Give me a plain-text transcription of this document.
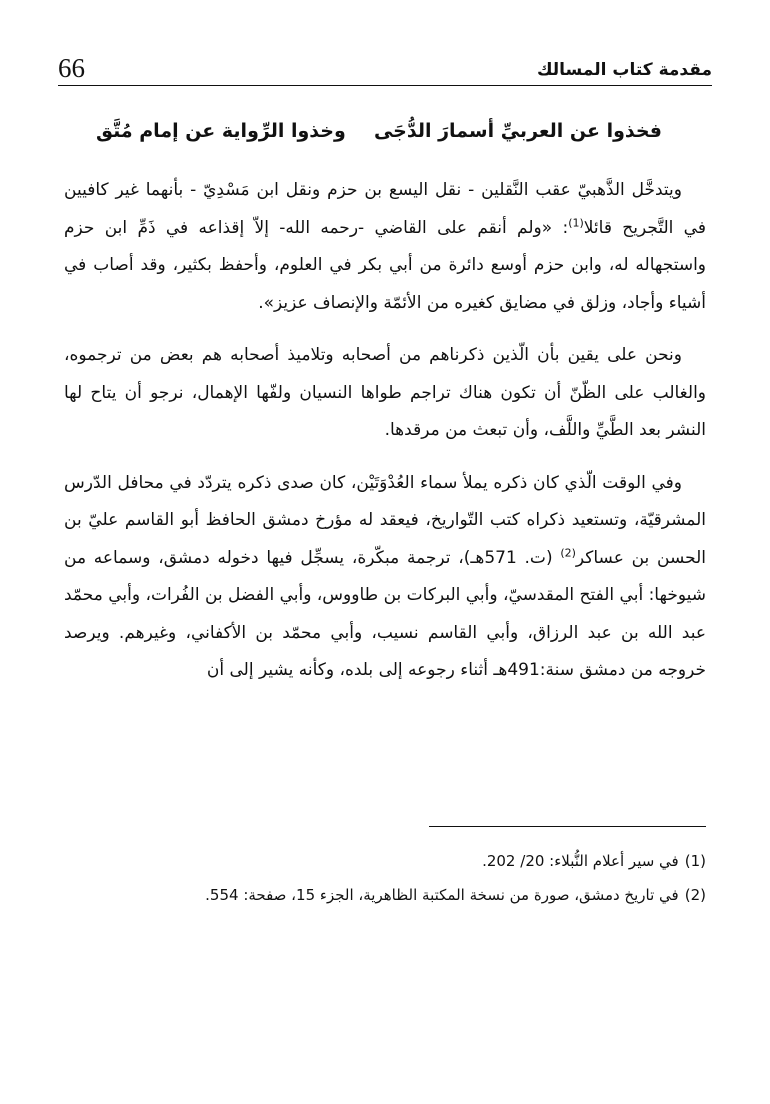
مقدمة كتاب المسالك
66
فخذوا عن العربيِّ أسمارَ الدُّجَى
وخذوا الرِّواية عن إمام مُتَّق

ويتدخَّل الذَّهبيّ عقب النَّقلين - نقل اليسع بن حزم ونقل ابن مَسْدِيّ - بأنهما غير كافيين في التَّجريح قائلا$^{(1)}$: «ولم أنقم على القاضي -رحمه الله- إلاّ إقذاعه في ذَمِّ ابن حزم واستجهاله له، وابن حزم أوسع دائرة من أبي بكر في العلوم، وأحفظ بكثير، وقد أصاب في أشياء وأجاد، وزلق في مضايق كغيره من الأئمّة والإنصاف عزيز».

ونحن على يقين بأن الّذين ذكرناهم من أصحابه وتلاميذ أصحابه هم بعض من ترجموه، والغالب على الظّنّ أن تكون هناك تراجم طواها النسيان ولفّها الإهمال، نرجو أن يتاح لها النشر بعد الطَّيِّ واللَّف، وأن تبعث من مرقدها.

وفي الوقت الّذي كان ذكره يملأ سماء العُدْوَتَيْن، كان صدى ذكره يتردّد في محافل الدّرس المشرقيّة، وتستعيد ذكراه كتب التّواريخ، فيعقد له مؤرخ دمشق الحافظ أبو القاسم عليّ بن الحسن بن عساكر$^{(2)}$ (ت. 571هـ)، ترجمة مبكّرة، يسجِّل فيها دخوله دمشق، وسماعه من شيوخها: أبي الفتح المقدسيّ، وأبي البركات بن طاووس، وأبي الفضل بن الفُرات، وأبي محمّد عبد الله بن عبد الرزاق، وأبي القاسم نسيب، وأبي محمّد بن الأكفاني، وغيرهم. ويرصد خروجه من دمشق سنة:491هـ أثناء رجوعه إلى بلده، وكأنه يشير إلى أن

(1)في سير أعلام النُّبلاء: 20/ 202.

(2)في تاريخ دمشق، صورة من نسخة المكتبة الظاهرية، الجزء 15، صفحة: 554.
